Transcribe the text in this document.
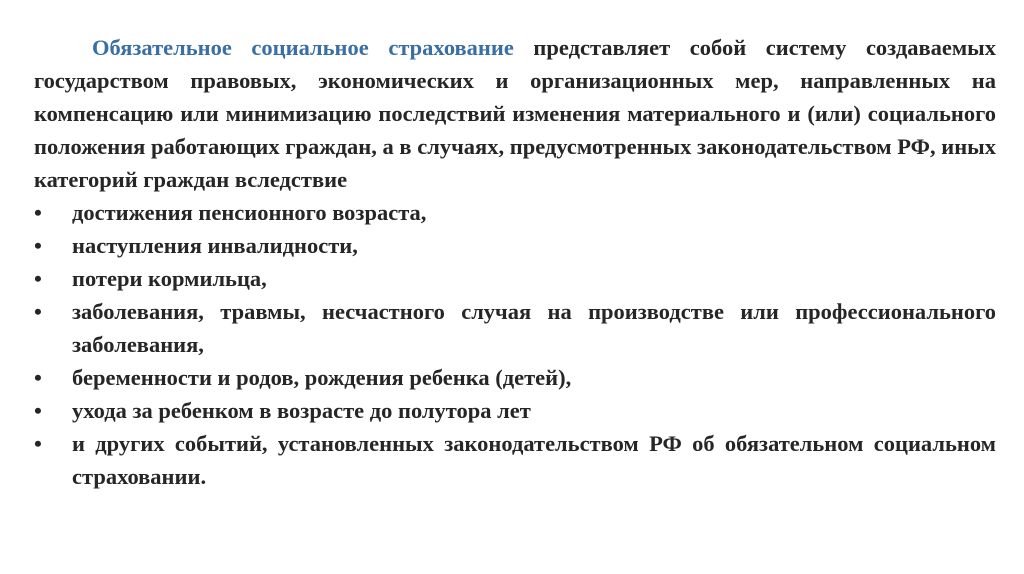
Обязательное социальное страхование представляет собой систему создаваемых государством правовых, экономических и организационных мер, направленных на компенсацию или минимизацию последствий изменения материального и (или) социального положения работающих граждан, а в случаях, предусмотренных законодательством РФ, иных категорий граждан вследствие

•	достижения пенсионного возраста,
•	наступления инвалидности,
•	потери кормильца,
•	заболевания, травмы, несчастного случая на производстве или профессионального заболевания,
•	беременности и родов, рождения ребенка (детей),
•	ухода за ребенком в возрасте до полутора лет
•	и других событий, установленных законодательством РФ об обязательном социальном страховании.
